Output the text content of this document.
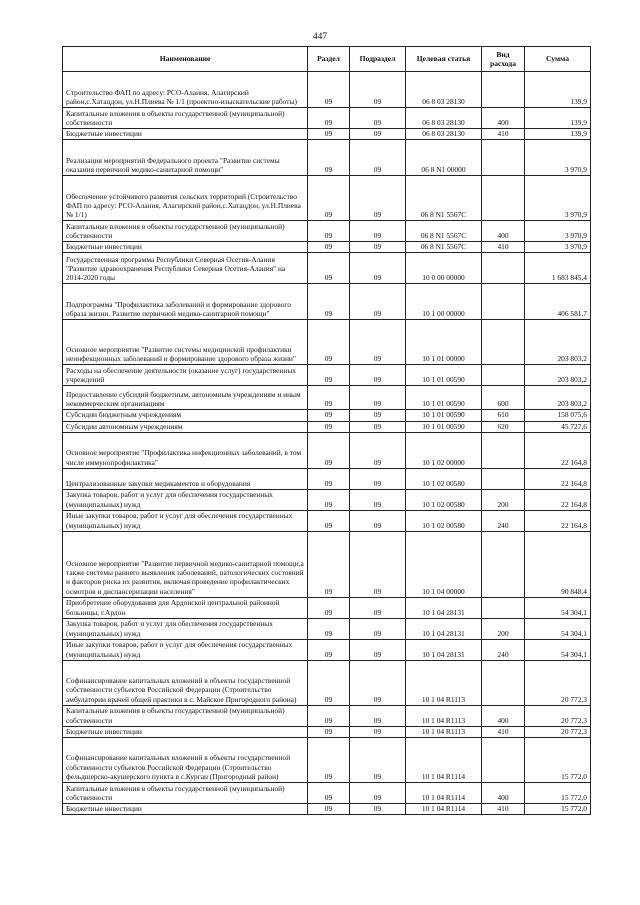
447
Наименование	Раздел	Подраздел	Целевая статья	Вид расхода	Сумма
Строительство ФАП по адресу: РСО-Алания, Алагирский район,с.Хатацдон, ул.Н.Плиева № 1/1 (проектно-изыскательские работы)	09	09	06 8 03 28130		139,9
Капитальные вложения в объекты государственной (муниципальной) собственности	09	09	06 8 03 28130	400	139,9
Бюджетные инвестиции	09	09	06 8 03 28130	410	139,9
Реализация мероприятий Федерального проекта "Развитие системы оказания первичной медико-санитарной помощи"	09	09	06 8 N1 00000		3 970,9
Обеспечение устойчивого развития сельских территорий (Строительство ФАП по адресу: РСО-Алания, Алагирский район,с.Хатацдон, ул.Н.Плиева № 1/1)	09	09	06 8 N1 5567C		3 970,9
Капитальные вложения в объекты государственной (муниципальной) собственности	09	09	06 8 N1 5567C	400	3 970,9
Бюджетные инвестиции	09	09	06 8 N1 5567C	410	3 970,9
Государственная программа Республики Северная Осетия-Алания "Развитие здравоохранения Республики Северная Осетия-Алания" на 2014-2020 годы	09	09	10 0 00 00000		1 683 845,4
Подпрограмма "Профилактика заболеваний и формирование здорового образа жизни. Развитие первичной медико-санитарной помощи"	09	09	10 1 00 00000		406 581,7
Основное мероприятие "Развитие системы медицинской профилактики неинфекционных заболеваний и формирование здорового образа жизни"	09	09	10 1 01 00000		203 803,2
Расходы на обеспечение деятельности (оказание услуг) государственных учреждений	09	09	10 1 01 00590		203 803,2
Предоставление субсидий бюджетным, автономным учреждениям и иным некоммерческим организациям	09	09	10 1 01 00590	600	203 803,2
Субсидии бюджетным учреждениям	09	09	10 1 01 00590	610	158 075,6
Субсидии автономным учреждениям	09	09	10 1 01 00590	620	45 727,6
Основное мероприятие "Профилактика инфекционных заболеваний, в том числе иммунопрофилактика"	09	09	10 1 02 00000		22 164,8
Централизованные закупки медикаментов и оборудования	09	09	10 1 02 00580		22 164,8
Закупка товаров, работ и услуг для обеспечения государственных (муниципальных) нужд	09	09	10 1 02 00580	200	22 164,8
Иные закупки товаров, работ и услуг для обеспечения государственных (муниципальных) нужд	09	09	10 1 02 00580	240	22 164,8
Основное мероприятие "Развитие первичной медико-санитарной помощи,а также системы раннего выявления заболеваний, патологических состояний и факторов риска их развития, включая проведение профилактических осмотров и диспансеризации населения"	09	09	10 1 04 00000		90 848,4
Приобретение оборудования для Ардонской центральной районной больницы, г.Ардон	09	09	10 1 04 28131		54 304,1
Закупка товаров, работ и услуг для обеспечения государственных (муниципальных) нужд	09	09	10 1 04 28131	200	54 304,1
Иные закупки товаров, работ и услуг для обеспечения государственных (муниципальных) нужд	09	09	10 1 04 28131	240	54 304,1
Софинансирование капитальных вложений в объекты государственной собственности субъектов Российской Федерации (Строительство амбулатории врачей общей практики в с. Майское Пригородного района)	09	09	10 1 04 R1113		20 772,3
Капитальные вложения в объекты государственной (муниципальной) собственности	09	09	10 1 04 R1113	400	20 772,3
Бюджетные инвестиции	09	09	10 1 04 R1113	410	20 772,3
Софинансирование капитальных вложений в объекты государственной собственности субъектов Российской Федерации (Строительство фельдшерско-акушерского пункта в с.Курган (Пригородный район)	09	09	10 1 04 R1114		15 772,0
Капитальные вложения в объекты государственной (муниципальной) собственности	09	09	10 1 04 R1114	400	15 772,0
Бюджетные инвестиции	09	09	10 1 04 R1114	410	15 772,0
